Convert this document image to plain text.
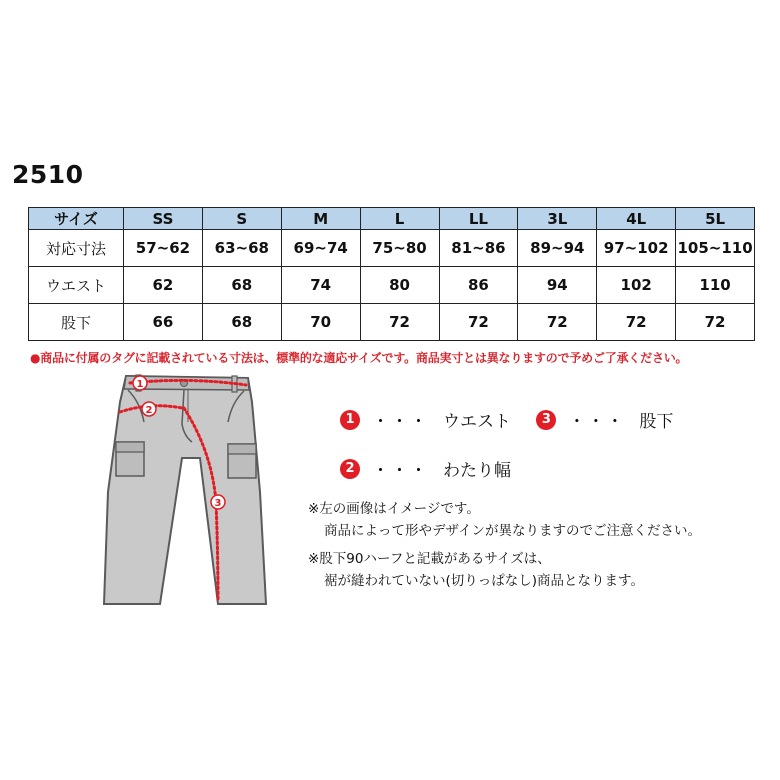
2510
サイズ	SS	S	M	L	LL	3L	4L	5L
対応寸法	57~62	63~68	69~74	75~80	81~86	89~94	97~102	105~110
ウエスト	62	68	74	80	86	94	102	110
股下	66	68	70	72	72	72	72	72
●商品に付属のタグに記載されている寸法は、標準的な適応サイズです。商品実寸とは異なりますので予めご了承ください。
1
2
3
1	・・・ ウエスト
	3	・・・ 股下
2	・・・ わたり幅
※左の画像はイメージです。
商品によって形やデザインが異なりますのでご注意ください。
※股下90ハーフと記載があるサイズは、
裾が縫われていない(切りっぱなし)商品となります。
